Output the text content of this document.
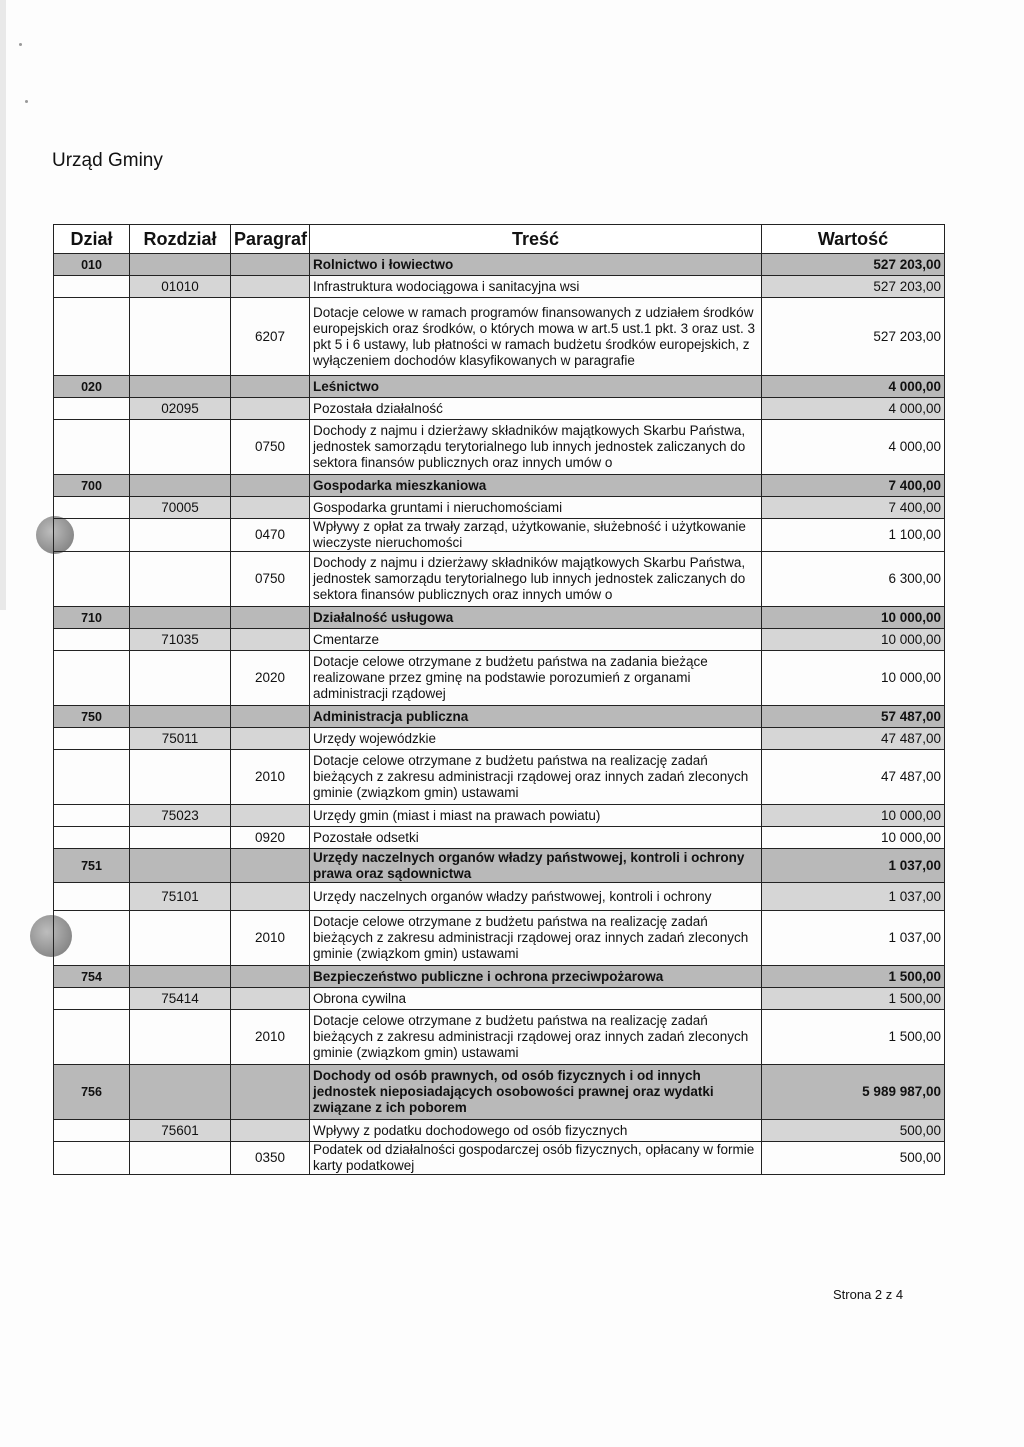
Urząd Gminy
Dział	Rozdział	Paragraf	Treść	Wartość
010			Rolnictwo i łowiectwo	527 203,00
	01010		Infrastruktura wodociągowa i sanitacyjna wsi	527 203,00
		6207	Dotacje celowe w ramach programów finansowanych z udziałem środków europejskich oraz środków, o których mowa w art.5 ust.1 pkt. 3 oraz ust. 3 pkt 5 i 6 ustawy, lub płatności w ramach budżetu środków europejskich, z wyłączeniem dochodów klasyfikowanych w paragrafie	527 203,00
020			Leśnictwo	4 000,00
	02095		Pozostała działalność	4 000,00
		0750	Dochody z najmu i dzierżawy składników majątkowych Skarbu Państwa, jednostek samorządu terytorialnego lub innych jednostek zaliczanych do sektora finansów publicznych oraz innych umów o	4 000,00
700			Gospodarka mieszkaniowa	7 400,00
	70005		Gospodarka gruntami i nieruchomościami	7 400,00
		0470	Wpływy z opłat za trwały zarząd, użytkowanie, służebność i użytkowanie wieczyste nieruchomości	1 100,00
		0750	Dochody z najmu i dzierżawy składników majątkowych Skarbu Państwa, jednostek samorządu terytorialnego lub innych jednostek zaliczanych do sektora finansów publicznych oraz innych umów o	6 300,00
710			Działalność usługowa	10 000,00
	71035		Cmentarze	10 000,00
		2020	Dotacje celowe otrzymane z budżetu państwa na zadania bieżące realizowane przez gminę na podstawie porozumień z organami administracji rządowej	10 000,00
750			Administracja publiczna	57 487,00
	75011		Urzędy wojewódzkie	47 487,00
		2010	Dotacje celowe otrzymane z budżetu państwa na realizację zadań bieżących z zakresu administracji rządowej oraz innych zadań zleconych gminie (związkom gmin) ustawami	47 487,00
	75023		Urzędy gmin (miast i miast na prawach powiatu)	10 000,00
		0920	Pozostałe odsetki	10 000,00
751			Urzędy naczelnych organów władzy państwowej, kontroli i ochrony prawa oraz sądownictwa	1 037,00
	75101		Urzędy naczelnych organów władzy państwowej, kontroli i ochrony	1 037,00
		2010	Dotacje celowe otrzymane z budżetu państwa na realizację zadań bieżących z zakresu administracji rządowej oraz innych zadań zleconych gminie (związkom gmin) ustawami	1 037,00
754			Bezpieczeństwo publiczne i ochrona przeciwpożarowa	1 500,00
	75414		Obrona cywilna	1 500,00
		2010	Dotacje celowe otrzymane z budżetu państwa na realizację zadań bieżących z zakresu administracji rządowej oraz innych zadań zleconych gminie (związkom gmin) ustawami	1 500,00
756			Dochody od osób prawnych, od osób fizycznych i od innych jednostek nieposiadających osobowości prawnej oraz wydatki związane z ich poborem	5 989 987,00
	75601		Wpływy z podatku dochodowego od osób fizycznych	500,00
		0350	Podatek od działalności gospodarczej osób fizycznych, opłacany w formie karty podatkowej	500,00
Strona 2 z 4
